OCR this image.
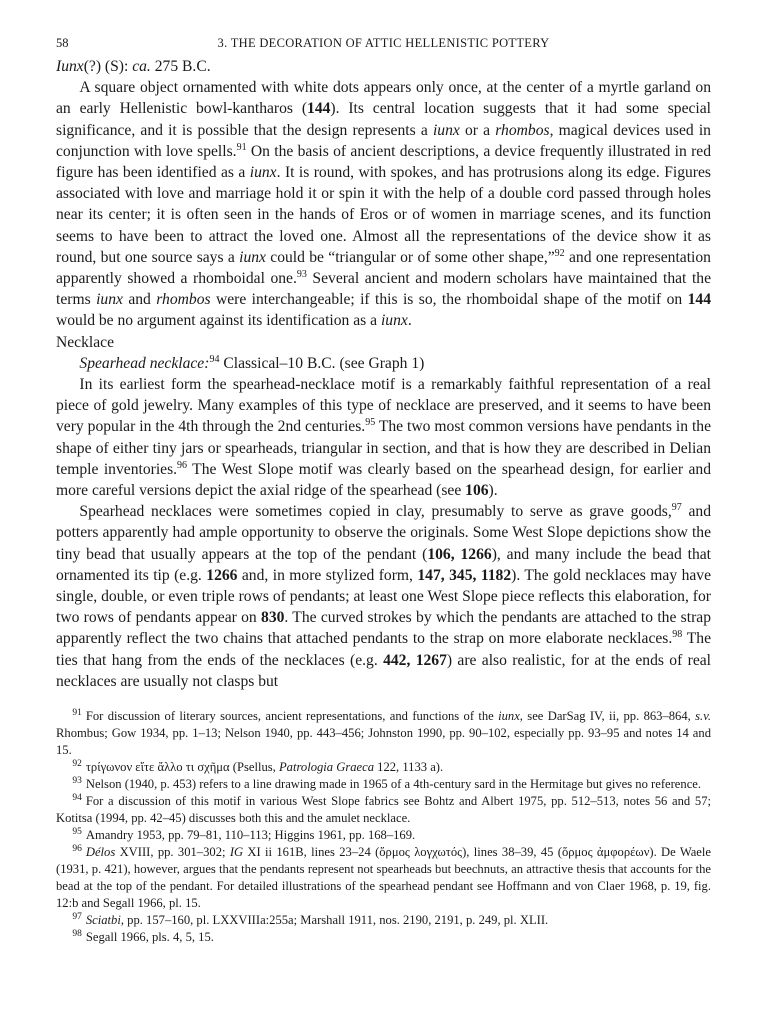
58	3. THE DECORATION OF ATTIC HELLENISTIC POTTERY

Iunx(?) (S): ca. 275 B.C.

A square object ornamented with white dots appears only once, at the center of a myrtle garland on an early Hellenistic bowl-kantharos (144). Its central location suggests that it had some special significance, and it is possible that the design represents a iunx or a rhombos, magical devices used in conjunction with love spells.$^{91}$ On the basis of ancient descriptions, a device frequently illustrated in red figure has been identified as a iunx. It is round, with spokes, and has protrusions along its edge. Figures associated with love and marriage hold it or spin it with the help of a double cord passed through holes near its center; it is often seen in the hands of Eros or of women in marriage scenes, and its function seems to have been to attract the loved one. Almost all the representations of the device show it as round, but one source says a iunx could be “triangular or of some other shape,”$^{92}$ and one representation apparently showed a rhomboidal one.$^{93}$ Several ancient and modern scholars have maintained that the terms iunx and rhombos were interchangeable; if this is so, the rhomboidal shape of the motif on 144 would be no argument against its identification as a iunx.

Necklace

Spearhead necklace:$^{94}$ Classical–10 B.C. (see Graph 1)

In its earliest form the spearhead-necklace motif is a remarkably faithful representation of a real piece of gold jewelry. Many examples of this type of necklace are preserved, and it seems to have been very popular in the 4th through the 2nd centuries.$^{95}$ The two most common versions have pendants in the shape of either tiny jars or spearheads, triangular in section, and that is how they are described in Delian temple inventories.$^{96}$ The West Slope motif was clearly based on the spearhead design, for earlier and more careful versions depict the axial ridge of the spearhead (see 106).

Spearhead necklaces were sometimes copied in clay, presumably to serve as grave goods,$^{97}$ and potters apparently had ample opportunity to observe the originals. Some West Slope depictions show the tiny bead that usually appears at the top of the pendant (106, 1266), and many include the bead that ornamented its tip (e.g. 1266 and, in more stylized form, 147, 345, 1182). The gold necklaces may have single, double, or even triple rows of pendants; at least one West Slope piece reflects this elaboration, for two rows of pendants appear on 830. The curved strokes by which the pendants are attached to the strap apparently reflect the two chains that attached pendants to the strap on more elaborate necklaces.$^{98}$ The ties that hang from the ends of the necklaces (e.g. 442, 1267) are also realistic, for at the ends of real necklaces are usually not clasps but

$^{91}$ For discussion of literary sources, ancient representations, and functions of the iunx, see DarSag IV, ii, pp. 863–864, s.v. Rhombus; Gow 1934, pp. 1–13; Nelson 1940, pp. 443–456; Johnston 1990, pp. 90–102, especially pp. 93–95 and notes 14 and 15.

$^{92}$ τρίγωνον εἴτε ἄλλο τι σχῆμα (Psellus, Patrologia Graeca 122, 1133 a).

$^{93}$ Nelson (1940, p. 453) refers to a line drawing made in 1965 of a 4th-century sard in the Hermitage but gives no reference.

$^{94}$ For a discussion of this motif in various West Slope fabrics see Bohtz and Albert 1975, pp. 512–513, notes 56 and 57; Kotitsa (1994, pp. 42–45) discusses both this and the amulet necklace.

$^{95}$ Amandry 1953, pp. 79–81, 110–113; Higgins 1961, pp. 168–169.

$^{96}$ Délos XVIII, pp. 301–302; IG XI ii 161B, lines 23–24 (ὅρμος λογχωτός), lines 38–39, 45 (ὅρμος ἀμφορέων). De Waele (1931, p. 421), however, argues that the pendants represent not spearheads but beechnuts, an attractive thesis that accounts for the bead at the top of the pendant. For detailed illustrations of the spearhead pendant see Hoffmann and von Claer 1968, p. 19, fig. 12:b and Segall 1966, pl. 15.

$^{97}$ Sciatbi, pp. 157–160, pl. LXXVIIIa:255a; Marshall 1911, nos. 2190, 2191, p. 249, pl. XLII.

$^{98}$ Segall 1966, pls. 4, 5, 15.
